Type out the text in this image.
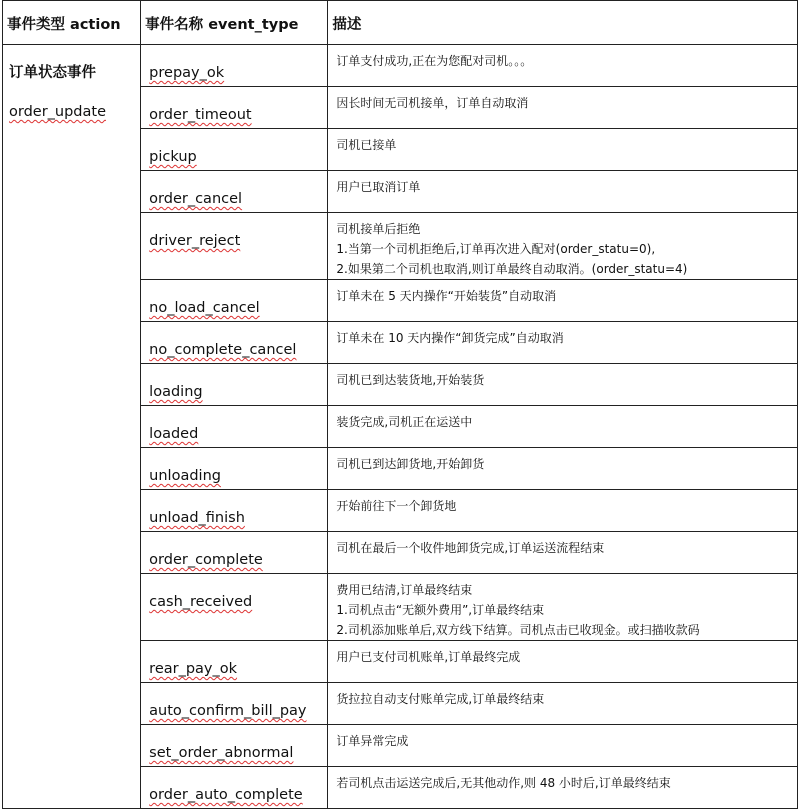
事件类型 action	事件名称 event_type	描述

订单状态事件
order_update	prepay_ok	订单支付成功,正在为您配对司机。。。

	order_timeout	因长时间无司机接单，订单自动取消

	pickup	司机已接单

	order_cancel	用户已取消订单

	driver_reject	司机接单后拒绝
1.当第一个司机拒绝后,订单再次进入配对(order_statu=0),
2.如果第二个司机也取消,则订单最终自动取消。(order_statu=4)

	no_load_cancel	订单未在 5 天内操作“开始装货”自动取消

	no_complete_cancel	订单未在 10 天内操作“卸货完成”自动取消

	loading	司机已到达装货地,开始装货

	loaded	装货完成,司机正在运送中

	unloading	司机已到达卸货地,开始卸货

	unload_finish	开始前往下一个卸货地

	order_complete	司机在最后一个收件地卸货完成,订单运送流程结束

	cash_received	费用已结清,订单最终结束
1.司机点击“无额外费用”,订单最终结束
2.司机添加账单后,双方线下结算。司机点击已收现金。或扫描收款码

	rear_pay_ok	用户已支付司机账单,订单最终完成

	auto_confirm_bill_pay	货拉拉自动支付账单完成,订单最终结束

	set_order_abnormal	订单异常完成

	order_auto_complete	若司机点击运送完成后,无其他动作,则 48 小时后,订单最终结束
